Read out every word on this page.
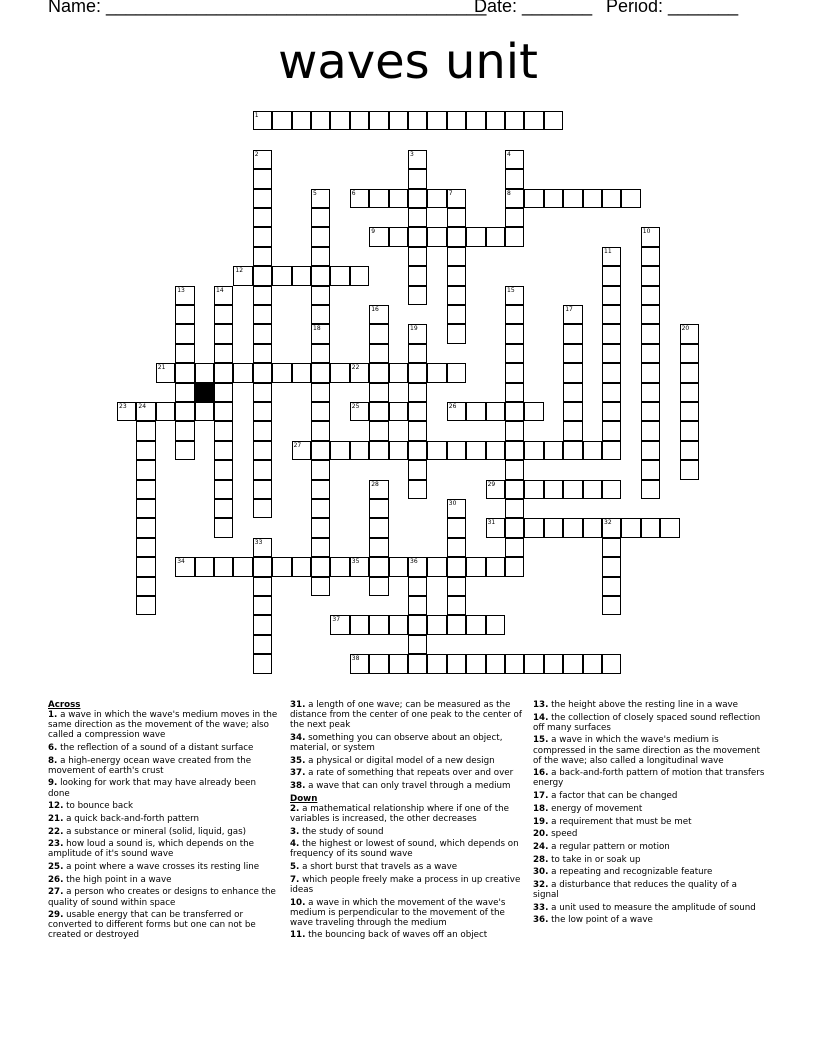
Name: ______________________________________
Date: _______ Period: _______
waves unit
1
2	3	4
8
5
18
6	7
9	10
11
12
13	14	15
16	17
19	20
21	22
23 24	25	26
27
28	29
30
31	32
33
34	35	36
37
38
Across
1. a wave in which the wave's medium moves in the same direction as the movement of the wave; also called a compression wave
6. the reflection of a sound of a distant surface
8. a high-energy ocean wave created from the movement of earth's crust
9. looking for work that may have already been done
12. to bounce back
21. a quick back-and-forth pattern
22. a substance or mineral (solid, liquid, gas)
23. how loud a sound is, which depends on the amplitude of it's sound wave
25. a point where a wave crosses its resting line
26. the high point in a wave
27. a person who creates or designs to enhance the quality of sound within space
29. usable energy that can be transferred or converted to different forms but one can not be created or destroyed
31. a length of one wave; can be measured as the distance from the center of one peak to the center of the next peak
34. something you can observe about an object, material, or system
35. a physical or digital model of a new design
37. a rate of something that repeats over and over
38. a wave that can only travel through a medium
Down
2. a mathematical relationship where if one of the variables is increased, the other decreases
3. the study of sound
4. the highest or lowest of sound, which depends on frequency of its sound wave
5. a short burst that travels as a wave
7. which people freely make a process in up creative ideas
10. a wave in which the movement of the wave's medium is perpendicular to the movement of the wave traveling through the medium
11. the bouncing back of waves off an object
13. the height above the resting line in a wave
14. the collection of closely spaced sound reflection off many surfaces
15. a wave in which the wave's medium is compressed in the same direction as the movement of the wave; also called a longitudinal wave
16. a back-and-forth pattern of motion that transfers energy
17. a factor that can be changed
18. energy of movement
19. a requirement that must be met
20. speed
24. a regular pattern or motion
28. to take in or soak up
30. a repeating and recognizable feature
32. a disturbance that reduces the quality of a signal
33. a unit used to measure the amplitude of sound
36. the low point of a wave
